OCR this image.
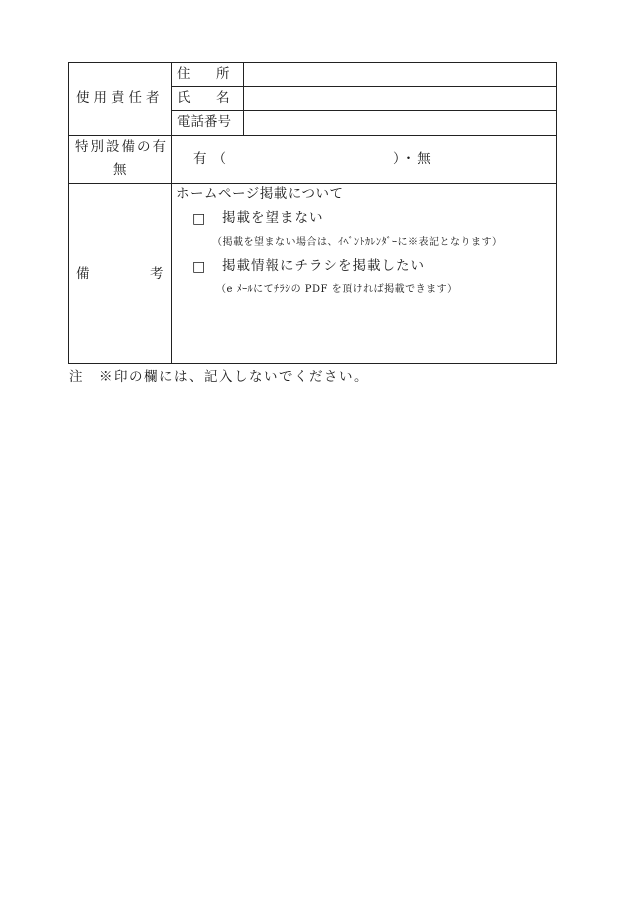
使用責任者
住　所
氏　名
電話番号
特別設備の有
無
有（	）・無
備	考
ホームページ掲載について
□ 掲載を望まない
（掲載を望まない場合は、ｲﾍﾞﾝﾄｶﾚﾝﾀﾞｰに※表記となります）
□ 掲載情報にチラシを掲載したい
（e ﾒｰﾙにてﾁﾗｼの PDF を頂ければ掲載できます）
注 ※印の欄には、記入しないでください。
